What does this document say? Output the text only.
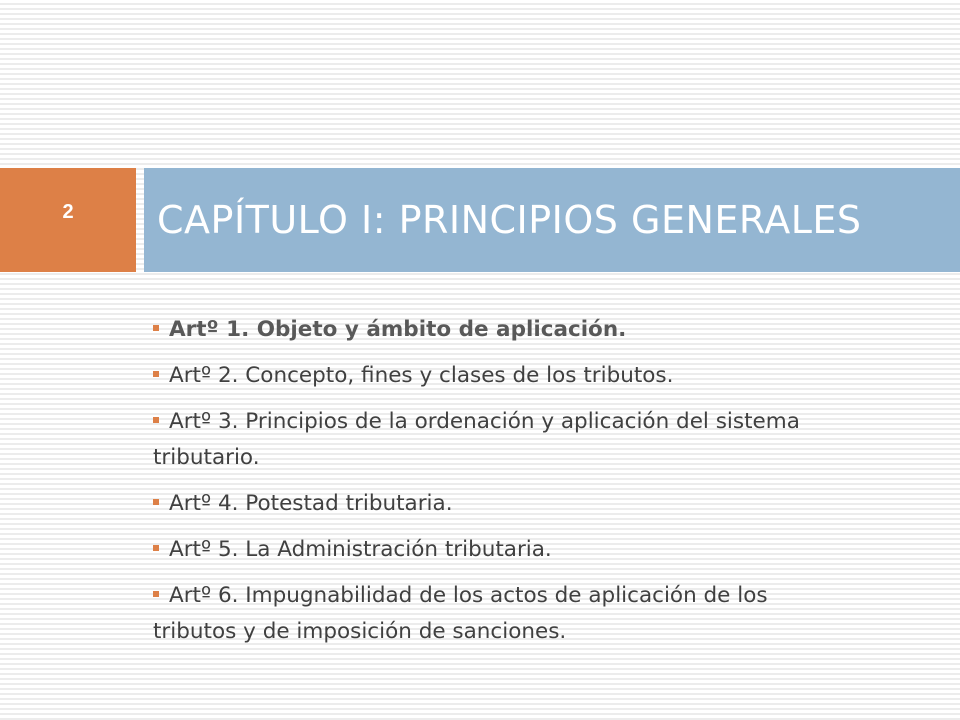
2 CAPÍTULO I: PRINCIPIOS GENERALES

Artº 1. Objeto y ámbito de aplicación.

Artº 2. Concepto, fines y clases de los tributos.

Artº 3. Principios de la ordenación y aplicación del sistema tributario.

Artº 4. Potestad tributaria.

Artº 5. La Administración tributaria.

Artº 6. Impugnabilidad de los actos de aplicación de los tributos y de imposición de sanciones.
